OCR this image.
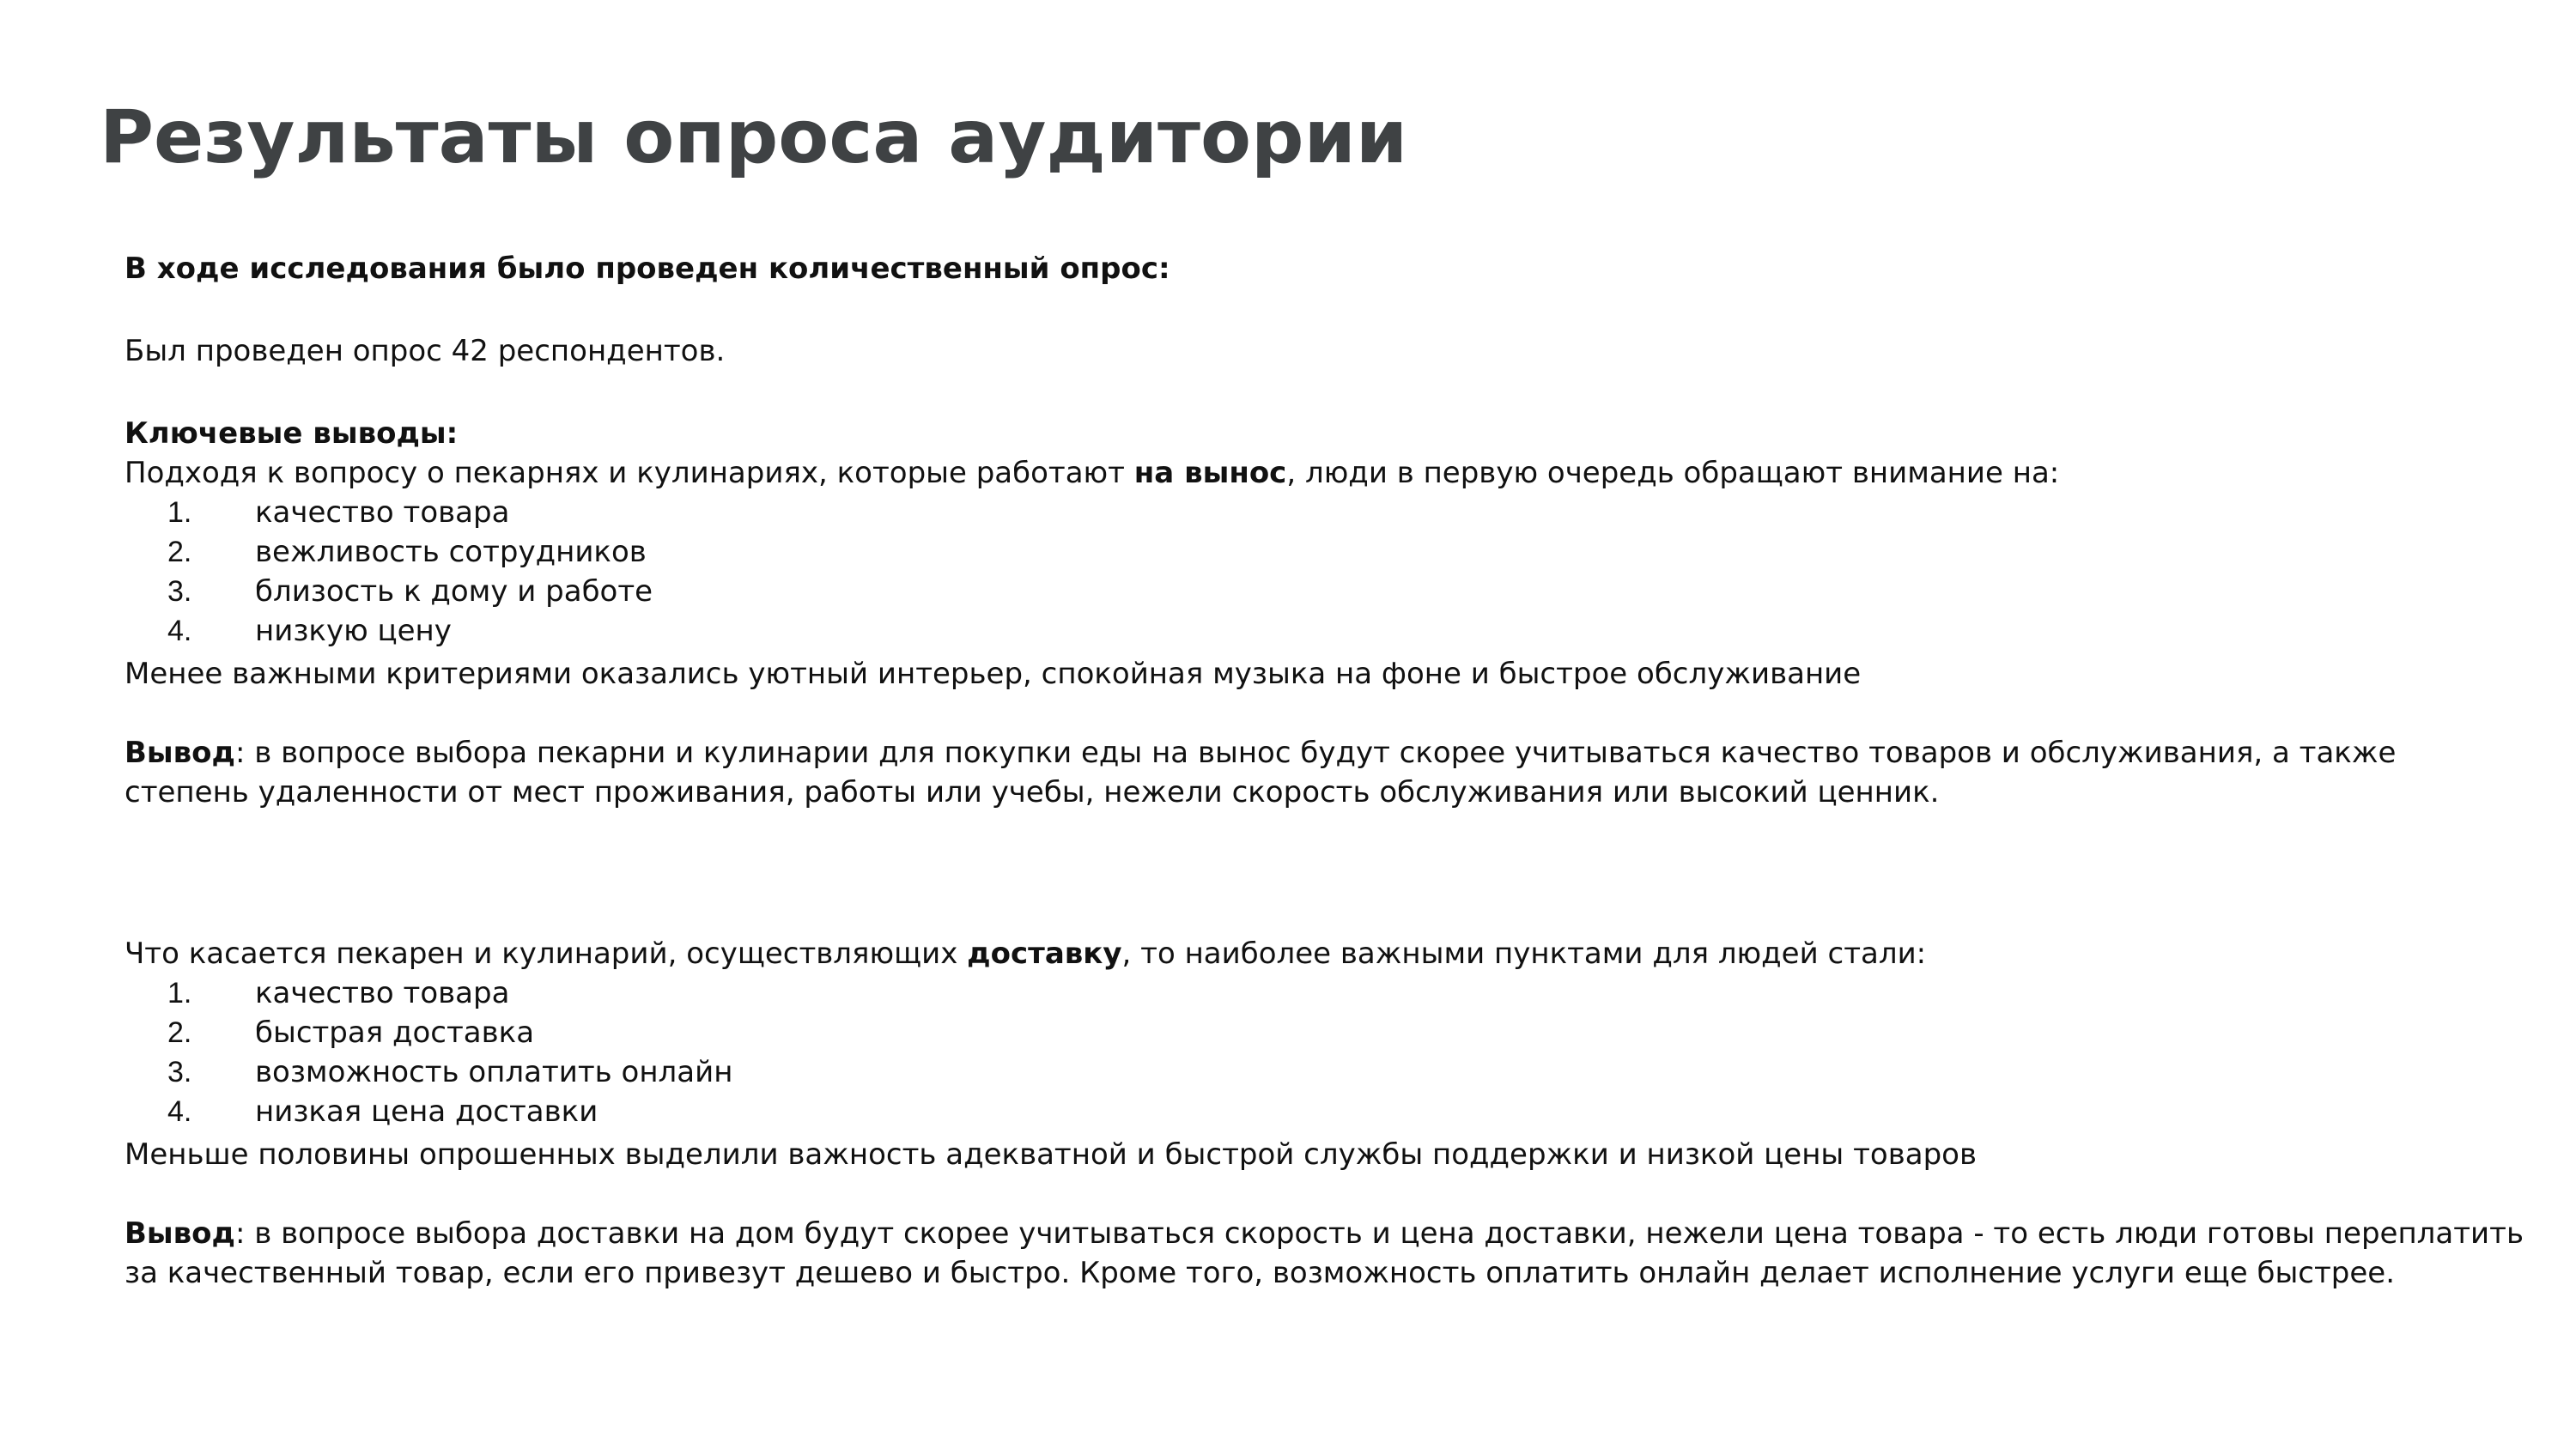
Результаты опроса аудитории

В ходе исследования было проведен количественный опрос:

Был проведен опрос 42 респондентов.

Ключевые выводы:

Подходя к вопросу о пекарнях и кулинариях, которые работают на вынос, люди в первую очередь обращают внимание на:

1.	качество товара
2.	вежливость сотрудников
3.	близость к дому и работе
4.	низкую цену

Менее важными критериями оказались уютный интерьер, спокойная музыка на фоне и быстрое обслуживание

Вывод: в вопросе выбора пекарни и кулинарии для покупки еды на вынос будут скорее учитываться качество товаров и обслуживания, а также

степень удаленности от мест проживания, работы или учебы, нежели скорость обслуживания или высокий ценник.

Что касается пекарен и кулинарий, осуществляющих доставку, то наиболее важными пунктами для людей стали:

1.	качество товара
2.	быстрая доставка
3.	возможность оплатить онлайн
4.	низкая цена доставки

Меньше половины опрошенных выделили важность адекватной и быстрой службы поддержки и низкой цены товаров

Вывод: в вопросе выбора доставки на дом будут скорее учитываться скорость и цена доставки, нежели цена товара - то есть люди готовы переплатить

за качественный товар, если его привезут дешево и быстро. Кроме того, возможность оплатить онлайн делает исполнение услуги еще быстрее.
